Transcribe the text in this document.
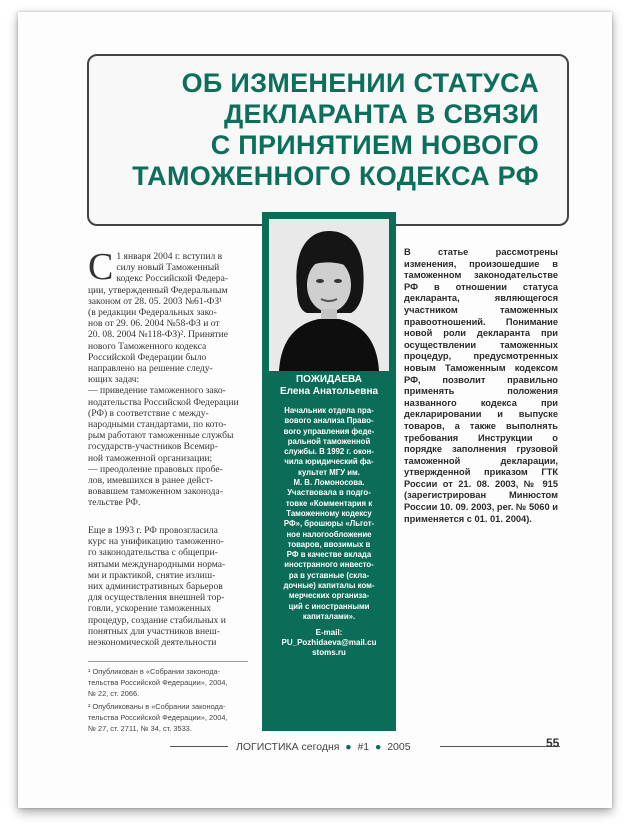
ОБ ИЗМЕНЕНИИ СТАТУСА
ДЕКЛАРАНТА В СВЯЗИ
С ПРИНЯТИЕМ НОВОГО
ТАМОЖЕННОГО КОДЕКСА РФ
ПОЖИДАЕВА
Елена Анатольевна
Начальник отдела пра-
вового анализа Право-
вого управления феде-
ральной таможенной
службы. В 1992 г. окон-
чила юридический фа-
культет МГУ им.
М. В. Ломоносова.
Участвовала в подго-
товке «Комментария к
Таможенному кодексу
РФ», брошюры «Льгот-
ное налогообложение
товаров, ввозимых в
РФ в качестве вклада
иностранного инвесто-
ра в уставные (скла-
дочные) капиталы ком-
мерческих организа-
ций с иностранными
капиталами».
E-mail:
PU_Pozhidaeva@mail.cu
stoms.ru
С 1 января 2004 г. вступил в
силу новый Таможенный
кодекс Российской Федера-
ции, утвержденный Федеральным
законом от 28. 05. 2003 №61-ФЗ¹
(в редакции Федеральных зако-
нов от 29. 06. 2004 №58-ФЗ и от
20. 08. 2004 №118-ФЗ)². Принятие
нового Таможенного кодекса
Российской Федерации было
направлено на решение следу-
ющих задач:
— приведение таможенного зако-
нодательства Российской Федерации
(РФ) в соответствие с между-
народными стандартами, по кото-
рым работают таможенные службы
государств-участников Всемир-
ной таможенной организации;
— преодоление правовых пробе-
лов, имевшихся в ранее дейст-
вовавшем таможенном законода-
тельстве РФ.

Еще в 1993 г. РФ провозгласила
курс на унификацию таможенно-
го законодательства с общепри-
нятыми международными норма-
ми и практикой, снятие излиш-
них административных барьеров
для осуществления внешней тор-
говли, ускорение таможенных
процедур, создание стабильных и
понятных для участников внеш-
неэкономической деятельности

¹ Опубликован в «Собрании законода-
тельства Российской Федерации», 2004,
№ 22, ст. 2066.
² Опубликованы в «Собрании законода-
тельства Российской Федерации», 2004,
№ 27, ст. 2711, № 34, ст. 3533.
В статье рассмотрены изменения, произошедшие в таможенном законодательстве РФ в отношении статуса декларанта, являющегося участником таможенных правоотношений. Понимание новой роли декларанта при осуществлении таможенных процедур, предусмотренных новым Таможенным кодексом РФ, позволит правильно применять положения названного кодекса при декларировании и выпуске товаров, а также выполнять требования Инструкции о порядке заполнения грузовой таможенной декларации, утвержденной приказом ГТК России от 21. 08. 2003, № 915 (зарегистрирован Минюстом России 10. 09. 2003, рег. № 5060 и применяется с 01. 01. 2004).
ЛОГИСТИКА сегодня  ●  #1  ●  2005	55
